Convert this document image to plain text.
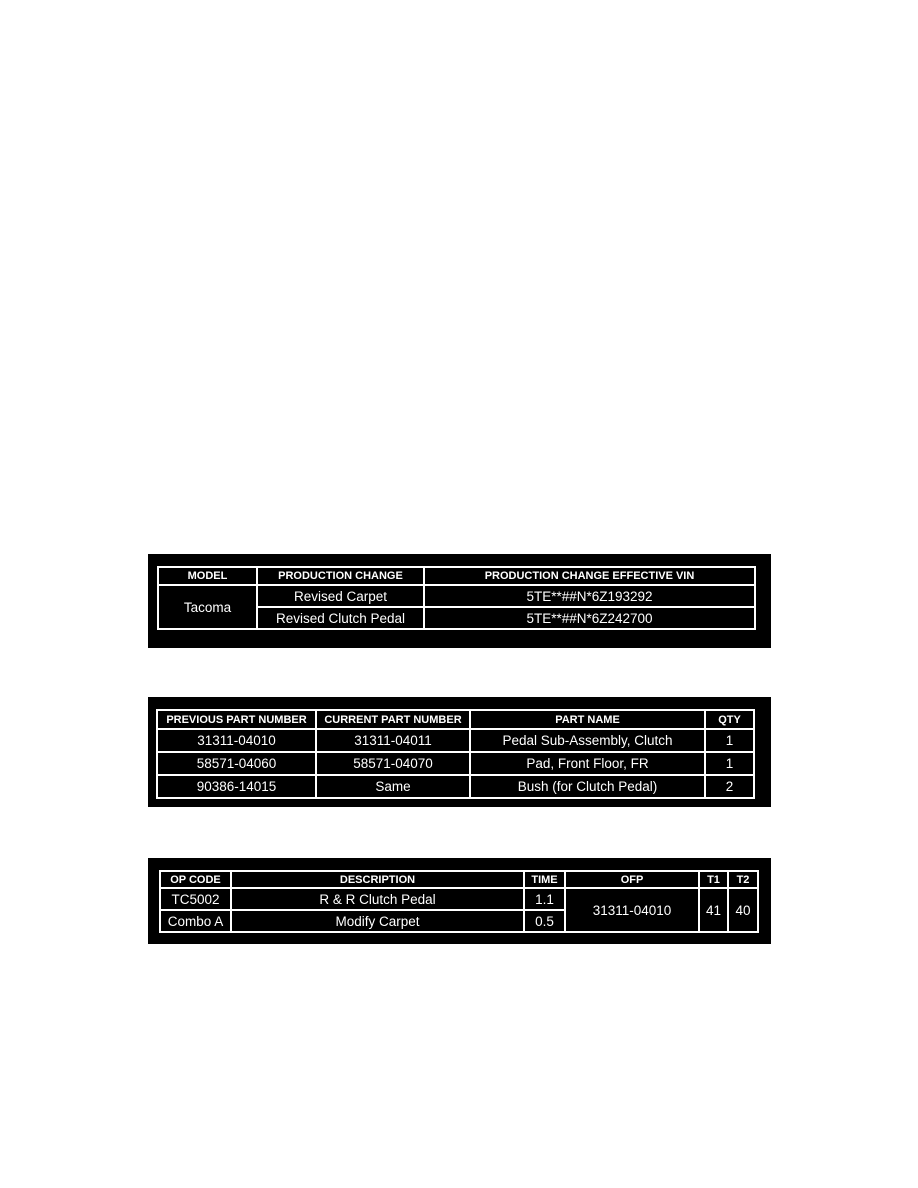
MODEL	PRODUCTION CHANGE	PRODUCTION CHANGE EFFECTIVE VIN
Tacoma	Revised Carpet	5TE**##N*6Z193292
	Revised Clutch Pedal	5TE**##N*6Z242700
PREVIOUS PART NUMBER	CURRENT PART NUMBER	PART NAME	QTY
31311-04010	31311-04011	Pedal Sub-Assembly, Clutch	1
58571-04060	58571-04070	Pad, Front Floor, FR	1
90386-14015	Same	Bush (for Clutch Pedal)	2
OP CODE	DESCRIPTION	TIME	OFP	T1	T2
TC5002	R & R Clutch Pedal	1.1	31311-04010	41	40
Combo A	Modify Carpet	0.5			
